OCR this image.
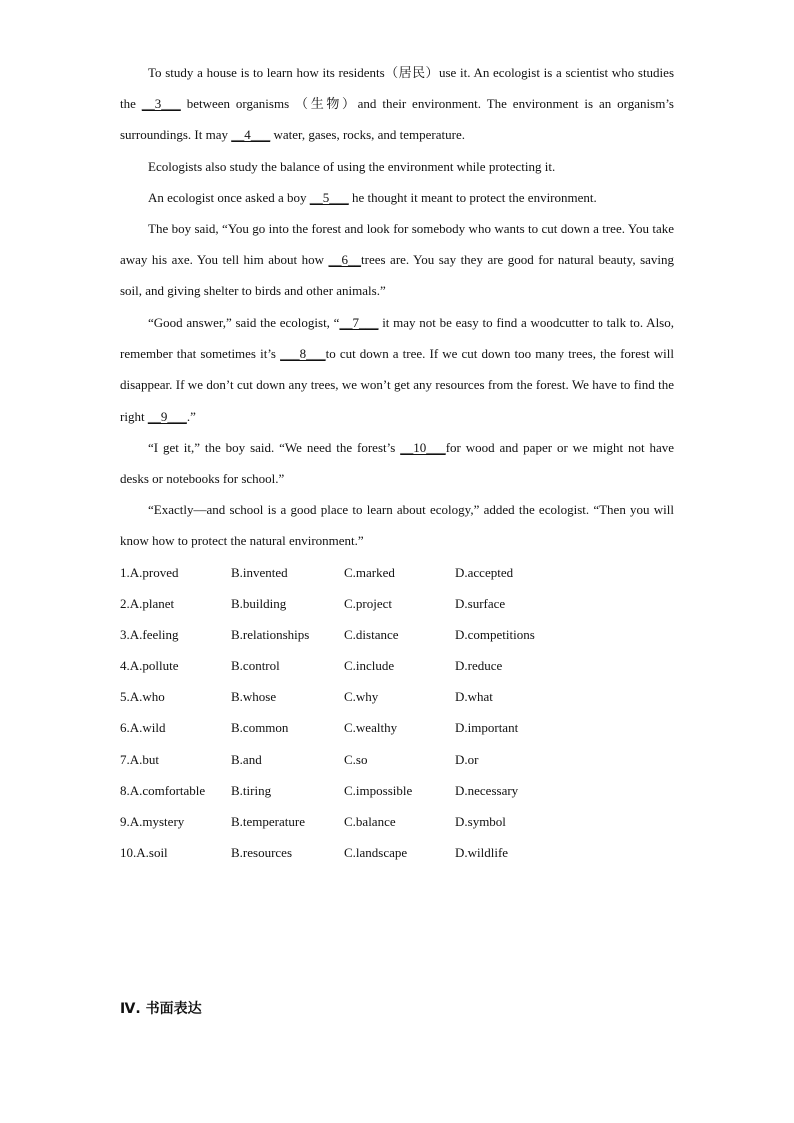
To study a house is to learn how its residents（居民）use it. An ecologist is a scientist who studies the __3___ between organisms （生物）and their environment. The environment is an organism’s surroundings. It may __4___ water, gases, rocks, and temperature.

Ecologists also study the balance of using the environment while protecting it.

An ecologist once asked a boy __5___ he thought it meant to protect the environment.

The boy said, “You go into the forest and look for somebody who wants to cut down a tree. You take away his axe. You tell him about how __6__trees are. You say they are good for natural beauty, saving soil, and giving shelter to birds and other animals.”

“Good answer,” said the ecologist, “__7___ it may not be easy to find a woodcutter to talk to. Also, remember that sometimes it’s ___8___to cut down a tree. If we cut down too many trees, the forest will disappear. If we don’t cut down any trees, we won’t get any resources from the forest. We have to find the right __9___.”

“I get it,” the boy said. “We need the forest’s __10___for wood and paper or we might not have desks or notebooks for school.”

“Exactly—and school is a good place to learn about ecology,” added the ecologist. “Then you will know how to protect the natural environment.”

1.A.proved	B.invented	C.marked	D.accepted
2.A.planet	B.building	C.project	D.surface
3.A.feeling	B.relationships	C.distance	D.competitions
4.A.pollute	B.control	C.include	D.reduce
5.A.who	B.whose	C.why	D.what
6.A.wild	B.common	C.wealthy	D.important
7.A.but	B.and	C.so	D.or
8.A.comfortable B.tiring	C.impossible	D.necessary
9.A.mystery	B.temperature	C.balance	D.symbol
10.A.soil	B.resources	C.landscape	D.wildlife
Ⅳ. 书面表达
